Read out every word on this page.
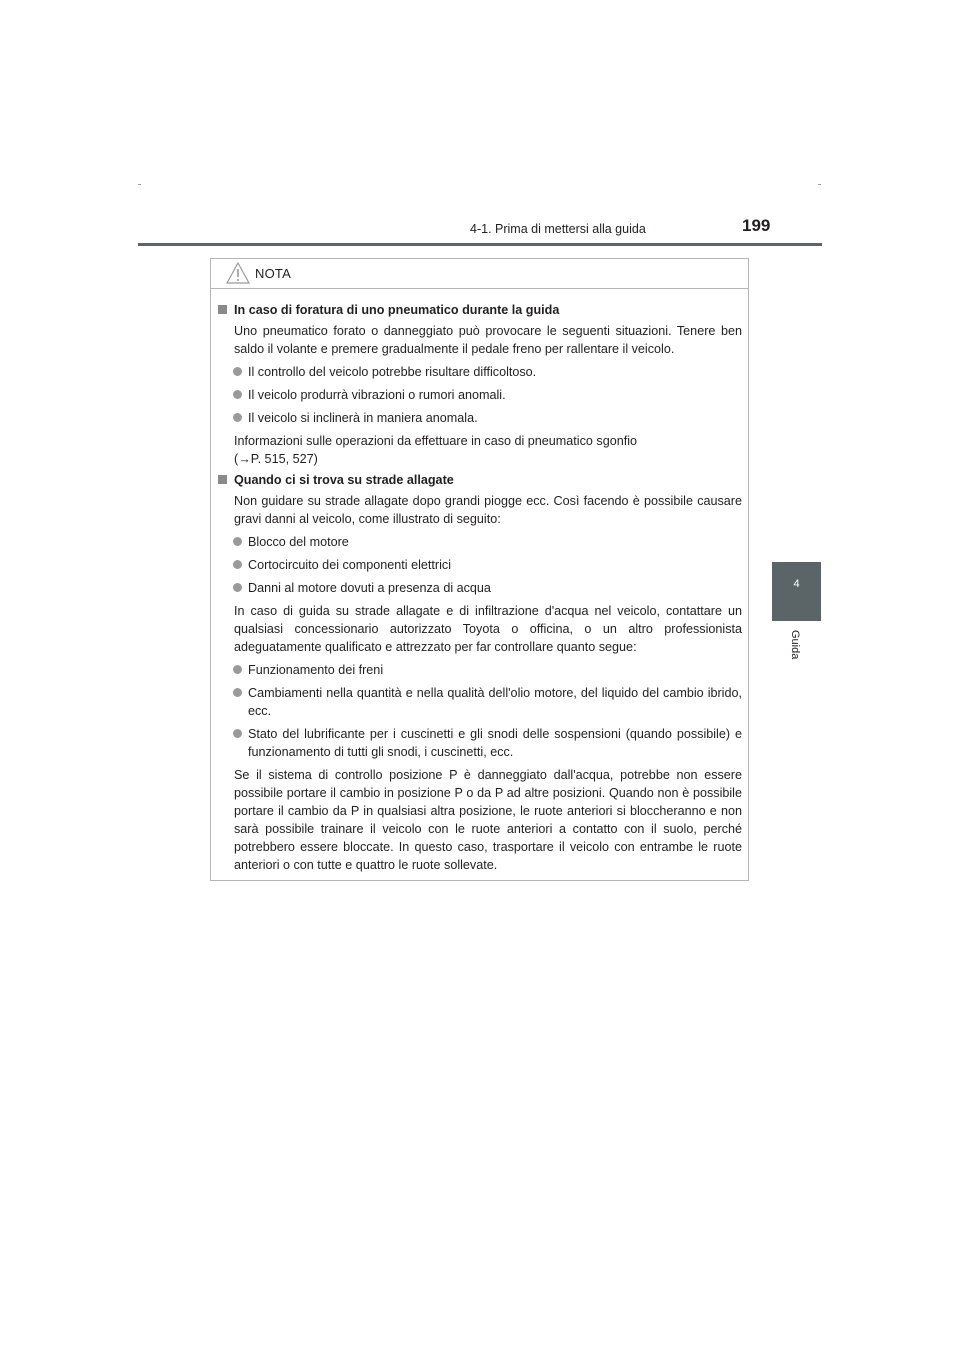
4-1. Prima di mettersi alla guida	199
4
Guida
NOTA
In caso di foratura di uno pneumatico durante la guida
Uno pneumatico forato o danneggiato può provocare le seguenti situazioni. Tenere ben saldo il volante e premere gradualmente il pedale freno per rallentare il veicolo.
Il controllo del veicolo potrebbe risultare difficoltoso.
Il veicolo produrrà vibrazioni o rumori anomali.
Il veicolo si inclinerà in maniera anomala.
Informazioni sulle operazioni da effettuare in caso di pneumatico sgonfio
(→P. 515, 527)
Quando ci si trova su strade allagate
Non guidare su strade allagate dopo grandi piogge ecc. Così facendo è possibile causare gravi danni al veicolo, come illustrato di seguito:
Blocco del motore
Cortocircuito dei componenti elettrici
Danni al motore dovuti a presenza di acqua
In caso di guida su strade allagate e di infiltrazione d'acqua nel veicolo, contattare un qualsiasi concessionario autorizzato Toyota o officina, o un altro professionista adeguatamente qualificato e attrezzato per far controllare quanto segue:
Funzionamento dei freni
Cambiamenti nella quantità e nella qualità dell'olio motore, del liquido del cambio ibrido, ecc.
Stato del lubrificante per i cuscinetti e gli snodi delle sospensioni (quando possibile) e funzionamento di tutti gli snodi, i cuscinetti, ecc.
Se il sistema di controllo posizione P è danneggiato dall'acqua, potrebbe non essere possibile portare il cambio in posizione P o da P ad altre posizioni. Quando non è possibile portare il cambio da P in qualsiasi altra posizione, le ruote anteriori si bloccheranno e non sarà possibile trainare il veicolo con le ruote anteriori a contatto con il suolo, perché potrebbero essere bloccate. In questo caso, trasportare il veicolo con entrambe le ruote anteriori o con tutte e quattro le ruote sollevate.
